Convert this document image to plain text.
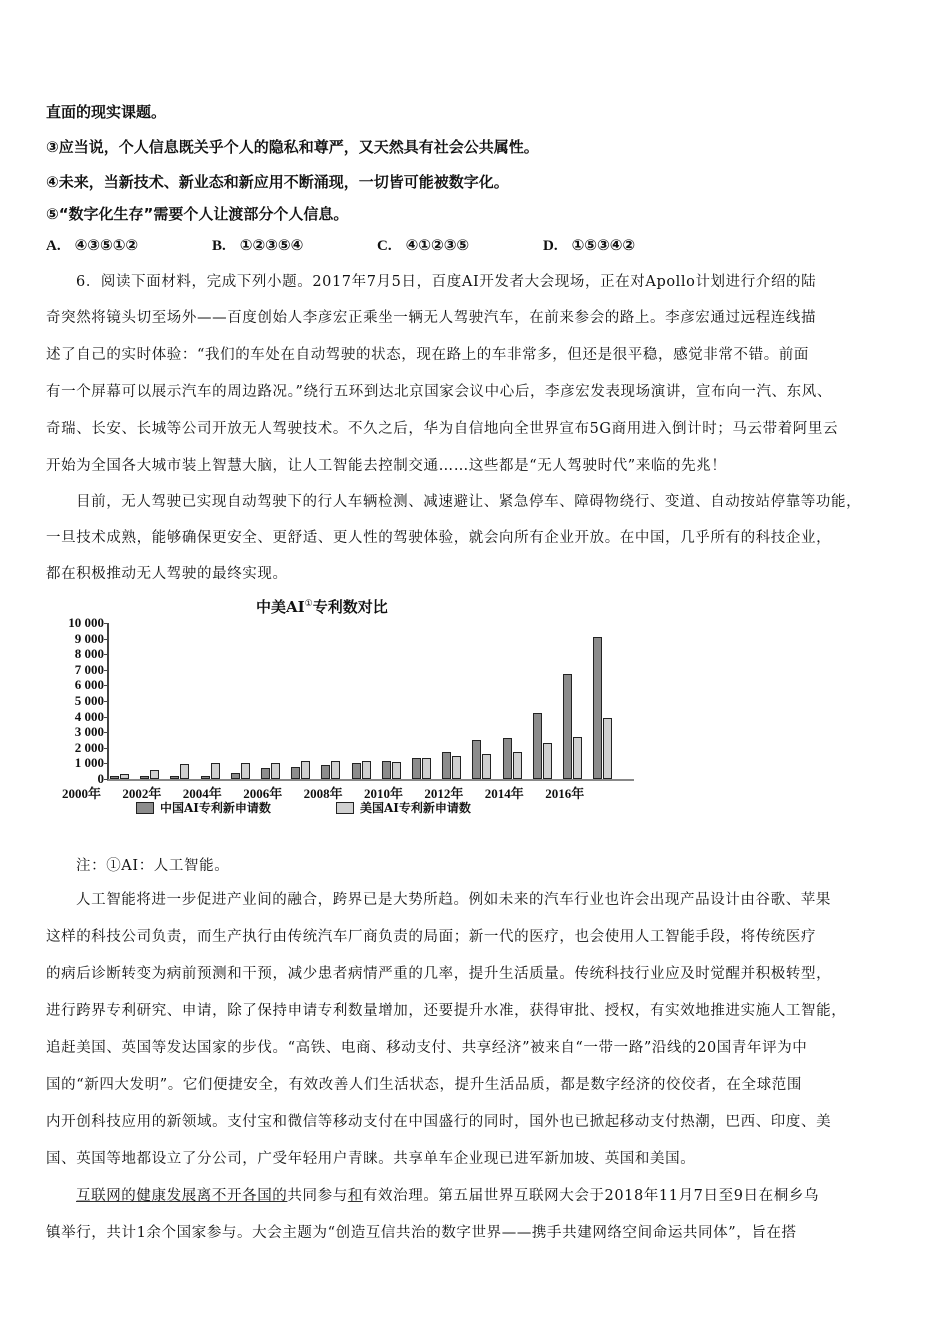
直面的现实课题。
③应当说，个人信息既关乎个人的隐私和尊严，又天然具有社会公共属性。
④未来，当新技术、新业态和新应用不断涌现，一切皆可能被数字化。
⑤“数字化生存”需要个人让渡部分个人信息。
A. ④③⑤①②	B. ①②③⑤④	C. ④①②③⑤	D. ①⑤③④②
6．阅读下面材料，完成下列小题。2017年7月5日，百度AI开发者大会现场，正在对Apollo计划进行介绍的陆
奇突然将镜头切至场外——百度创始人李彦宏正乘坐一辆无人驾驶汽车，在前来参会的路上。李彦宏通过远程连线描
述了自己的实时体验：“我们的车处在自动驾驶的状态，现在路上的车非常多，但还是很平稳，感觉非常不错。前面
有一个屏幕可以展示汽车的周边路况。”绕行五环到达北京国家会议中心后，李彦宏发表现场演讲，宣布向一汽、东风、
奇瑞、长安、长城等公司开放无人驾驶技术。不久之后，华为自信地向全世界宣布5G商用进入倒计时；马云带着阿里云
开始为全国各大城市装上智慧大脑，让人工智能去控制交通……这些都是“无人驾驶时代”来临的先兆！
目前，无人驾驶已实现自动驾驶下的行人车辆检测、减速避让、紧急停车、障碍物绕行、变道、自动按站停靠等功能，
一旦技术成熟，能够确保更安全、更舒适、更人性的驾驶体验，就会向所有企业开放。在中国，几乎所有的科技企业，
都在积极推动无人驾驶的最终实现。
中美AI①专利数对比
10 000
9 000
8 000
7 000
6 000
5 000
4 000
3 000
2 000
1 000
0
2000年 2002年 2004年 2006年 2008年 2010年 2012年 2014年 2016年
中国AI专利新申请数	美国AI专利新申请数
注：①AI：人工智能。
人工智能将进一步促进产业间的融合，跨界已是大势所趋。例如未来的汽车行业也许会出现产品设计由谷歌、苹果
这样的科技公司负责，而生产执行由传统汽车厂商负责的局面；新一代的医疗，也会使用人工智能手段，将传统医疗
的病后诊断转变为病前预测和干预，减少患者病情严重的几率，提升生活质量。传统科技行业应及时觉醒并积极转型，
进行跨界专利研究、申请，除了保持申请专利数量增加，还要提升水准，获得审批、授权，有实效地推进实施人工智能，
追赶美国、英国等发达国家的步伐。“高铁、电商、移动支付、共享经济”被来自“一带一路”沿线的20国青年评为中
国的“新四大发明”。它们便捷安全，有效改善人们生活状态，提升生活品质，都是数字经济的佼佼者，在全球范围
内开创科技应用的新领域。支付宝和微信等移动支付在中国盛行的同时，国外也已掀起移动支付热潮，巴西、印度、美
国、英国等地都设立了分公司，广受年轻用户青睐。共享单车企业现已进军新加坡、英国和美国。
互联网的健康发展离不开各国的共同参与和有效治理。第五届世界互联网大会于2018年11月7日至9日在桐乡乌
镇举行，共计1余个国家参与。大会主题为“创造互信共治的数字世界——携手共建网络空间命运共同体”，旨在搭
